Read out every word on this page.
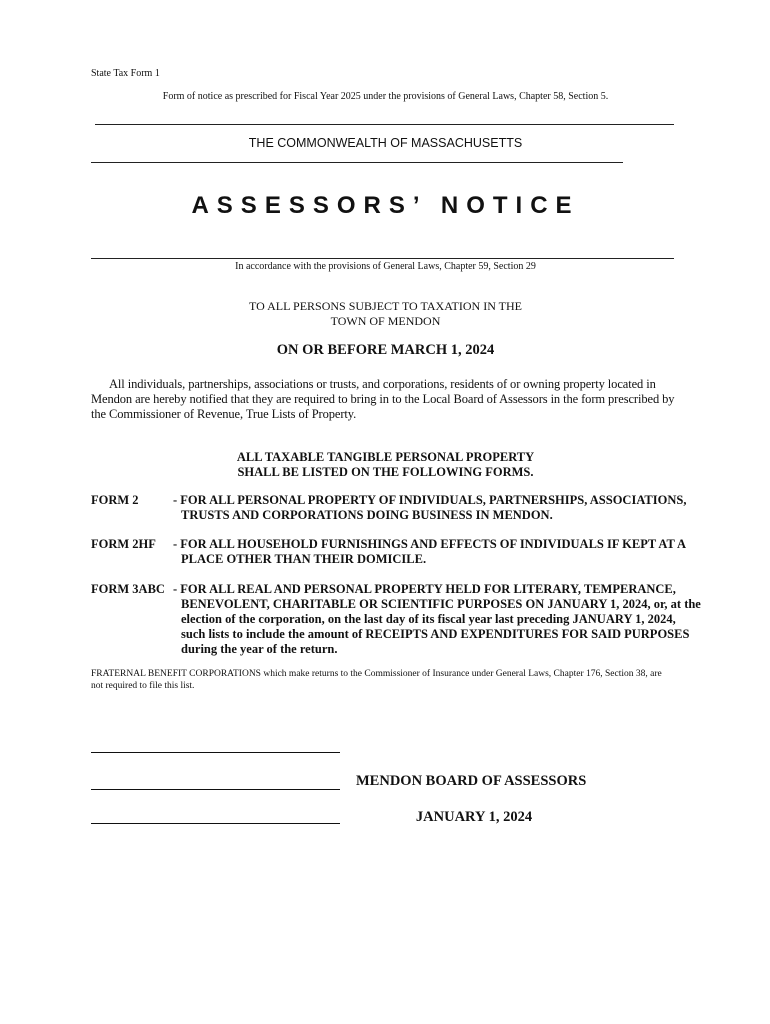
State Tax Form 1
Form of notice as prescribed for Fiscal Year 2025 under the provisions of General Laws, Chapter 58, Section 5.
THE COMMONWEALTH OF MASSACHUSETTS
ASSESSORS’ NOTICE
In accordance with the provisions of General Laws, Chapter 59, Section 29
TO ALL PERSONS SUBJECT TO TAXATION IN THE
TOWN OF MENDON
ON OR BEFORE MARCH 1, 2024
All individuals, partnerships, associations or trusts, and corporations, residents of or owning property located in Mendon are hereby notified that they are required to bring in to the Local Board of Assessors in the form prescribed by the Commissioner of Revenue, True Lists of Property.
ALL TAXABLE TANGIBLE PERSONAL PROPERTY
SHALL BE LISTED ON THE FOLLOWING FORMS.
FORM 2	- FOR ALL PERSONAL PROPERTY OF INDIVIDUALS, PARTNERSHIPS, ASSOCIATIONS, TRUSTS AND CORPORATIONS DOING BUSINESS IN MENDON.
FORM 2HF - FOR ALL HOUSEHOLD FURNISHINGS AND EFFECTS OF INDIVIDUALS IF KEPT AT A PLACE OTHER THAN THEIR DOMICILE.
FORM 3ABC - FOR ALL REAL AND PERSONAL PROPERTY HELD FOR LITERARY, TEMPERANCE, BENEVOLENT, CHARITABLE OR SCIENTIFIC PURPOSES ON JANUARY 1, 2024, or, at the election of the corporation, on the last day of its fiscal year last preceding JANUARY 1, 2024, such lists to include the amount of RECEIPTS AND EXPENDITURES FOR SAID PURPOSES during the year of the return.
FRATERNAL BENEFIT CORPORATIONS which make returns to the Commissioner of Insurance under General Laws, Chapter 176, Section 38, are not required to file this list.
MENDON BOARD OF ASSESSORS
JANUARY 1, 2024
